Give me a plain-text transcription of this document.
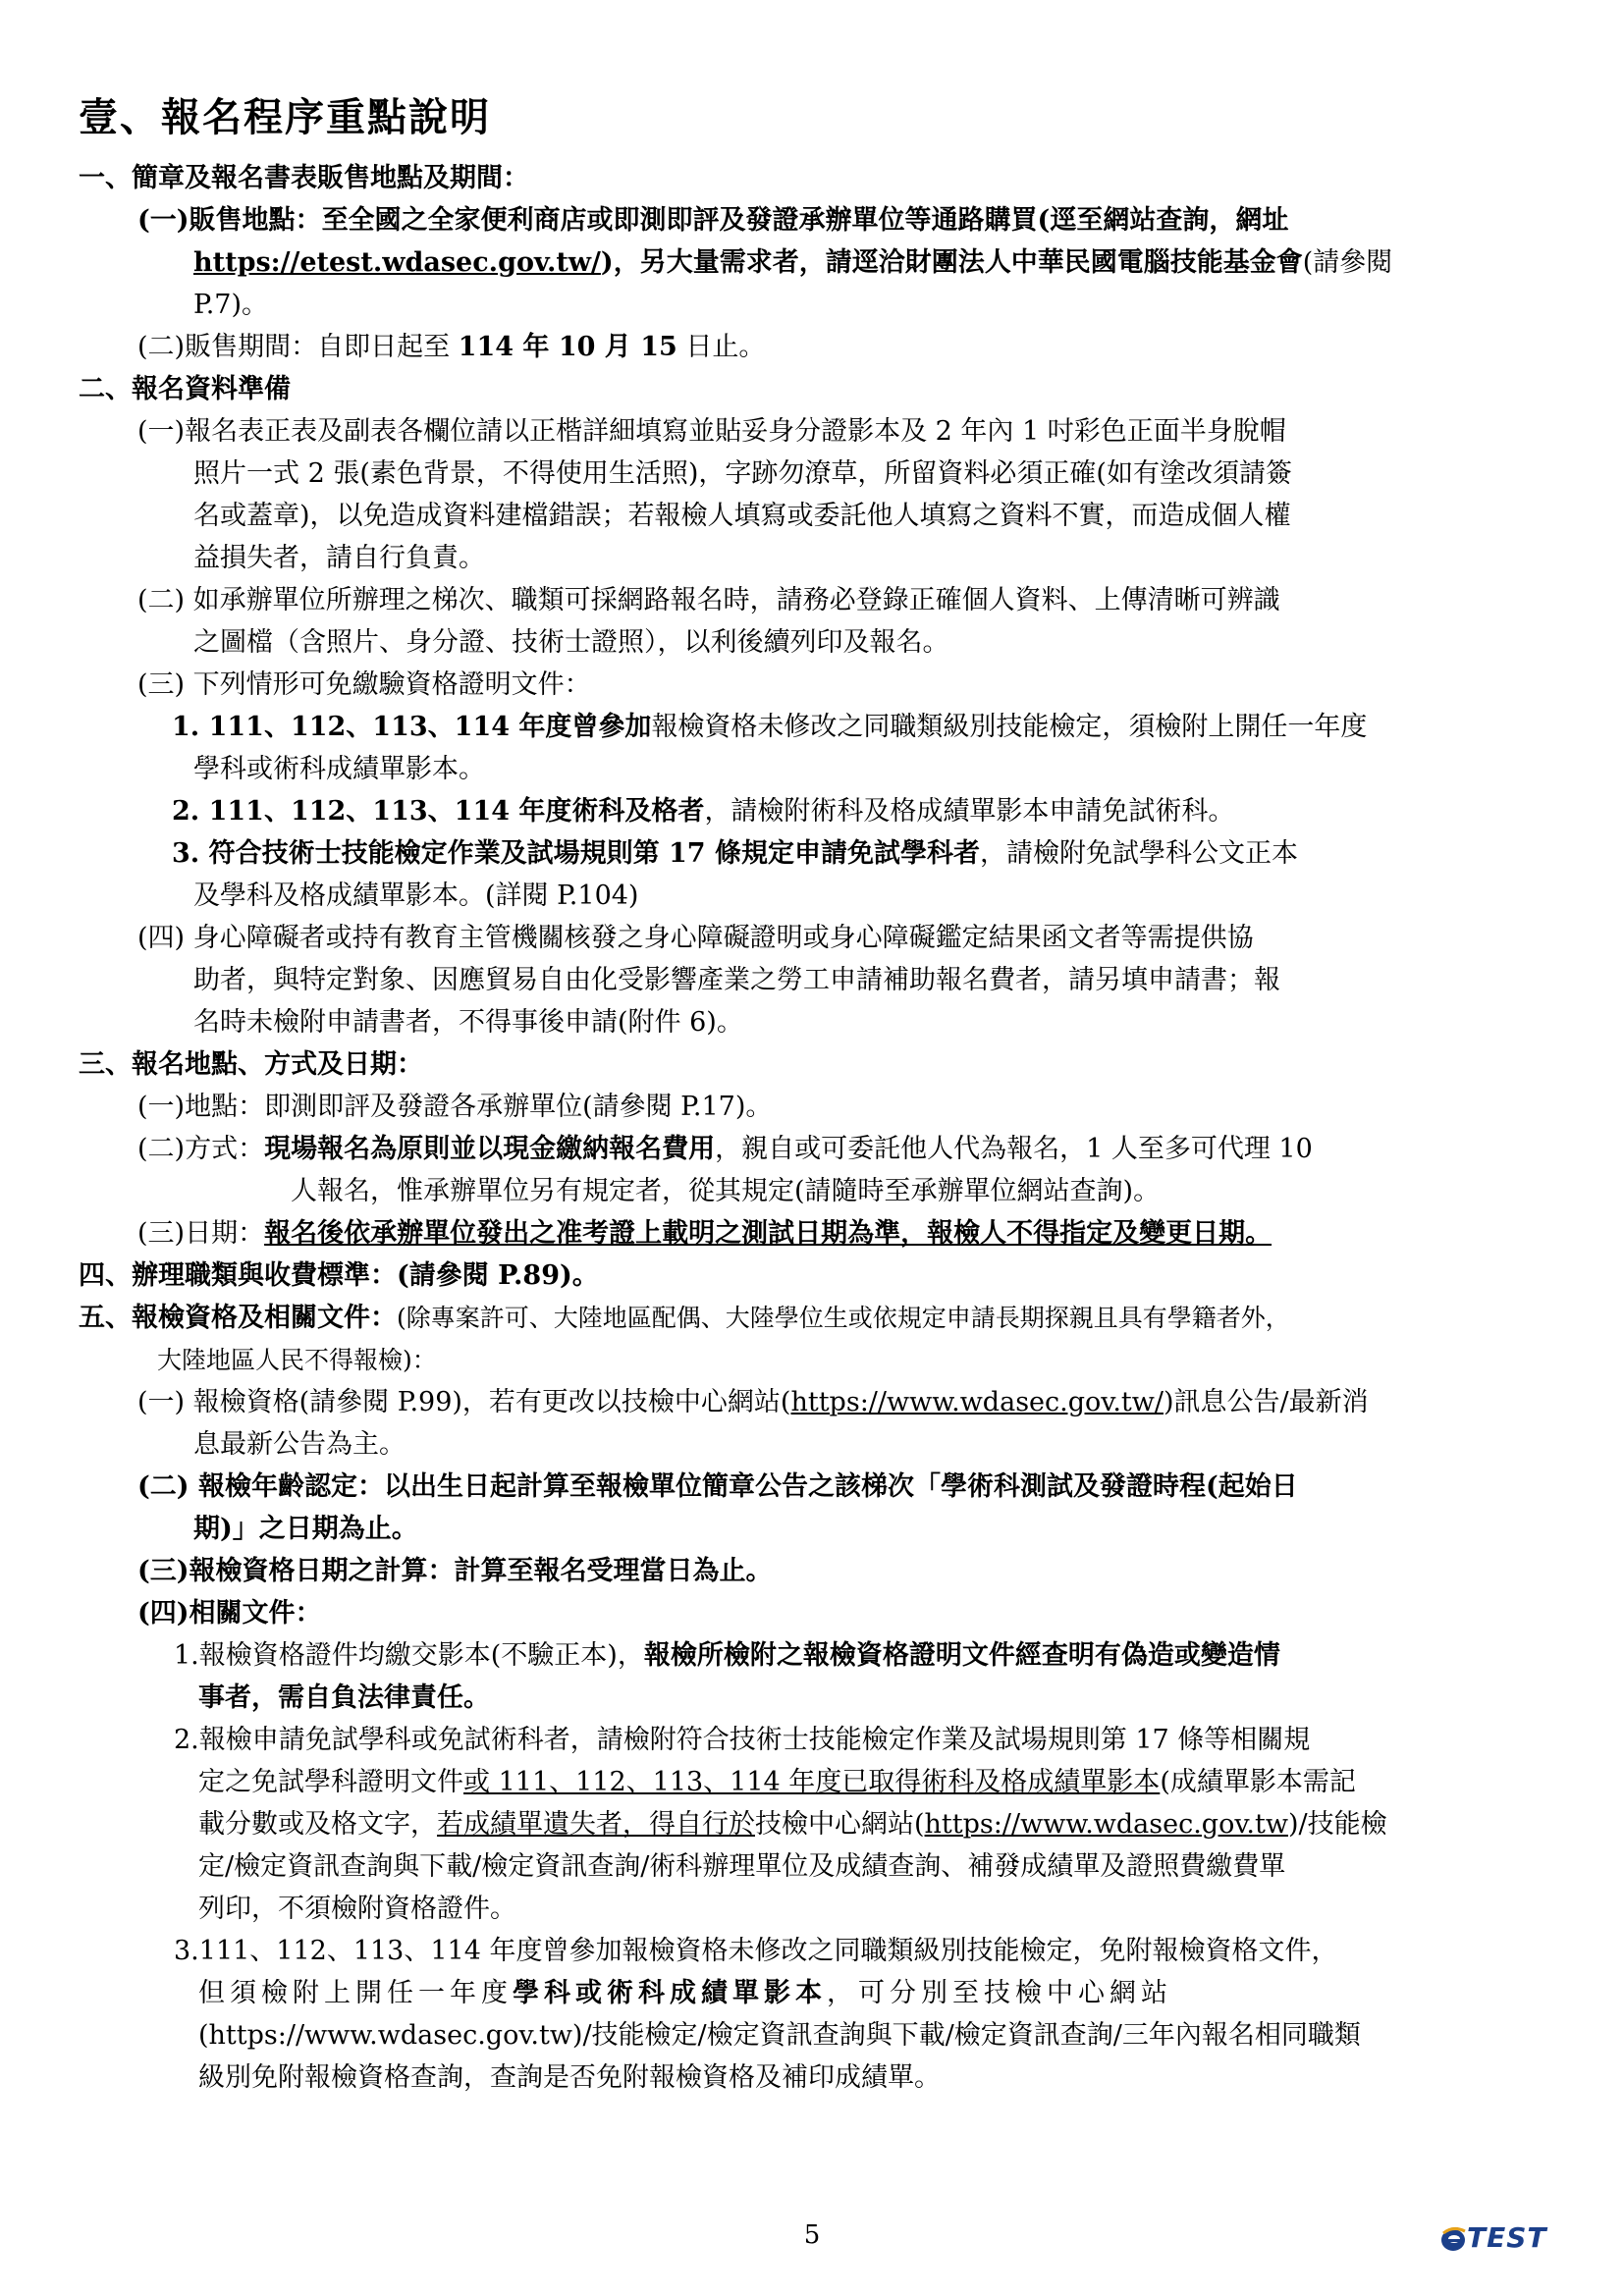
壹、報名程序重點說明
一、簡章及報名書表販售地點及期間：
(一)販售地點：至全國之全家便利商店或即測即評及發證承辦單位等通路購買(逕至網站查詢，網址
https://etest.wdasec.gov.tw/)，另大量需求者，請逕洽財團法人中華民國電腦技能基金會(請參閱
P.7)。
(二)販售期間：自即日起至 114 年 10 月 15 日止。
二、報名資料準備
(一)報名表正表及副表各欄位請以正楷詳細填寫並貼妥身分證影本及 2 年內 1 吋彩色正面半身脫帽
照片一式 2 張(素色背景，不得使用生活照)，字跡勿潦草，所留資料必須正確(如有塗改須請簽
名或蓋章)，以免造成資料建檔錯誤；若報檢人填寫或委託他人填寫之資料不實，而造成個人權
益損失者，請自行負責。
(二) 如承辦單位所辦理之梯次、職類可採網路報名時，請務必登錄正確個人資料、上傳清晰可辨識
之圖檔（含照片、身分證、技術士證照），以利後續列印及報名。
(三) 下列情形可免繳驗資格證明文件：
1. 111、112、113、114 年度曾參加報檢資格未修改之同職類級別技能檢定，須檢附上開任一年度
學科或術科成績單影本。
2. 111、112、113、114 年度術科及格者，請檢附術科及格成績單影本申請免試術科。
3. 符合技術士技能檢定作業及試場規則第 17 條規定申請免試學科者，請檢附免試學科公文正本
及學科及格成績單影本。(詳閱 P.104)
(四) 身心障礙者或持有教育主管機關核發之身心障礙證明或身心障礙鑑定結果函文者等需提供協
助者，與特定對象、因應貿易自由化受影響產業之勞工申請補助報名費者，請另填申請書；報
名時未檢附申請書者，不得事後申請(附件 6)。
三、報名地點、方式及日期：
(一)地點：即測即評及發證各承辦單位(請參閱 P.17)。
(二)方式：現場報名為原則並以現金繳納報名費用，親自或可委託他人代為報名，1 人至多可代理 10
人報名，惟承辦單位另有規定者，從其規定(請隨時至承辦單位網站查詢)。
(三)日期：報名後依承辦單位發出之准考證上載明之測試日期為準，報檢人不得指定及變更日期。
四、辦理職類與收費標準：(請參閱 P.89)。
五、報檢資格及相關文件：(除專案許可、大陸地區配偶、大陸學位生或依規定申請長期探親且具有學籍者外，
大陸地區人民不得報檢)：
(一) 報檢資格(請參閱 P.99)，若有更改以技檢中心網站(https://www.wdasec.gov.tw/)訊息公告/最新消
息最新公告為主。
(二) 報檢年齡認定：以出生日起計算至報檢單位簡章公告之該梯次「學術科測試及發證時程(起始日
期)」之日期為止。
(三)報檢資格日期之計算：計算至報名受理當日為止。
(四)相關文件：
1.報檢資格證件均繳交影本(不驗正本)，報檢所檢附之報檢資格證明文件經查明有偽造或變造情
事者，需自負法律責任。
2.報檢申請免試學科或免試術科者，請檢附符合技術士技能檢定作業及試場規則第 17 條等相關規
定之免試學科證明文件或 111、112、113、114 年度已取得術科及格成績單影本(成績單影本需記
載分數或及格文字，若成績單遺失者，得自行於技檢中心網站(https://www.wdasec.gov.tw)/技能檢
定/檢定資訊查詢與下載/檢定資訊查詢/術科辦理單位及成績查詢、補發成績單及證照費繳費單
列印，不須檢附資格證件。
3.111、112、113、114 年度曾參加報檢資格未修改之同職類級別技能檢定，免附報檢資格文件，
但須檢附上開任一年度學科或術科成績單影本，可分別至技檢中心網站
(https://www.wdasec.gov.tw)/技能檢定/檢定資訊查詢與下載/檢定資訊查詢/三年內報名相同職類
級別免附報檢資格查詢，查詢是否免附報檢資格及補印成績單。
5	TEST
